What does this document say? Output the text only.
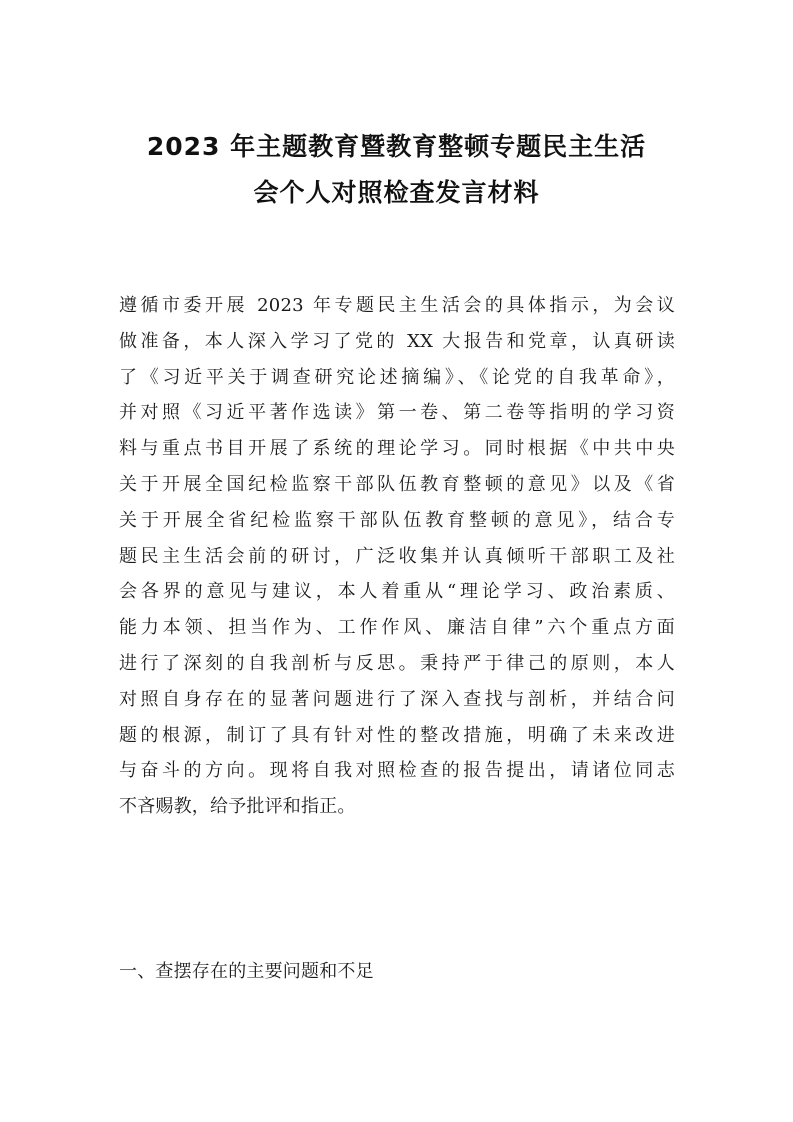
2023 年主题教育暨教育整顿专题民主生活
会个人对照检查发言材料
遵循市委开展 2023 年专题民主生活会的具体指示，为会议
做准备，本人深入学习了党的 XX 大报告和党章，认真研读
了《习近平关于调查研究论述摘编》、《论党的自我革命》，
并对照《习近平著作选读》第一卷、第二卷等指明的学习资
料与重点书目开展了系统的理论学习。同时根据《中共中央
关于开展全国纪检监察干部队伍教育整顿的意见》以及《省
关于开展全省纪检监察干部队伍教育整顿的意见》，结合专
题民主生活会前的研讨，广泛收集并认真倾听干部职工及社
会各界的意见与建议，本人着重从“理论学习、政治素质、
能力本领、担当作为、工作作风、廉洁自律”六个重点方面
进行了深刻的自我剖析与反思。秉持严于律己的原则，本人
对照自身存在的显著问题进行了深入查找与剖析，并结合问
题的根源，制订了具有针对性的整改措施，明确了未来改进
与奋斗的方向。现将自我对照检查的报告提出，请诸位同志
不吝赐教，给予批评和指正。
一、查摆存在的主要问题和不足
